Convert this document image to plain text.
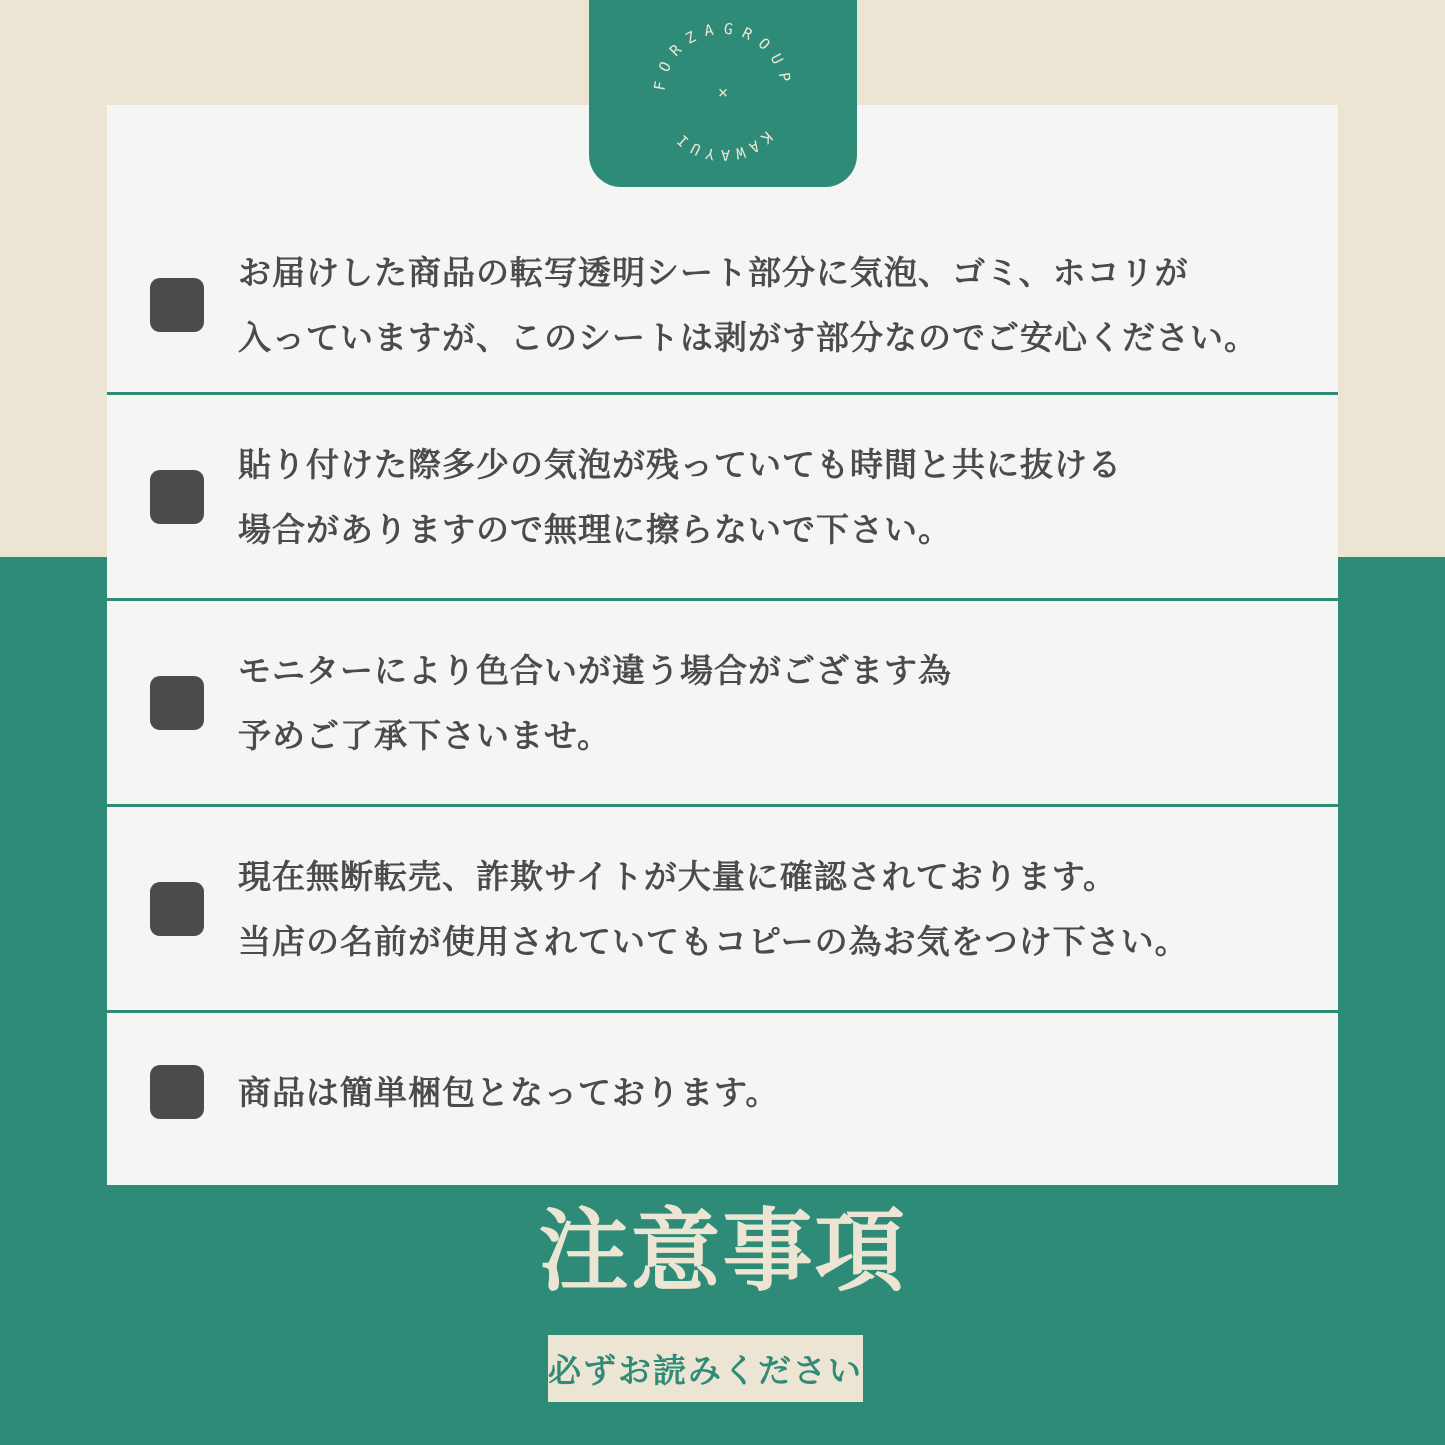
お届けした商品の転写透明シート部分に気泡、ゴミ、ホコリが

入っていますが、このシートは剥がす部分なのでご安心ください。

貼り付けた際多少の気泡が残っていても時間と共に抜ける

場合がありますので無理に擦らないで下さい。

モニターにより色合いが違う場合がござます為

予めご了承下さいませ。

現在無断転売、詐欺サイトが大量に確認されております。

当店の名前が使用されていてもコピーの為お気をつけ下さい。

商品は簡単梱包となっております。

FORZAGROUP
KAWAYUI
×
注意事項
必ずお読みください
